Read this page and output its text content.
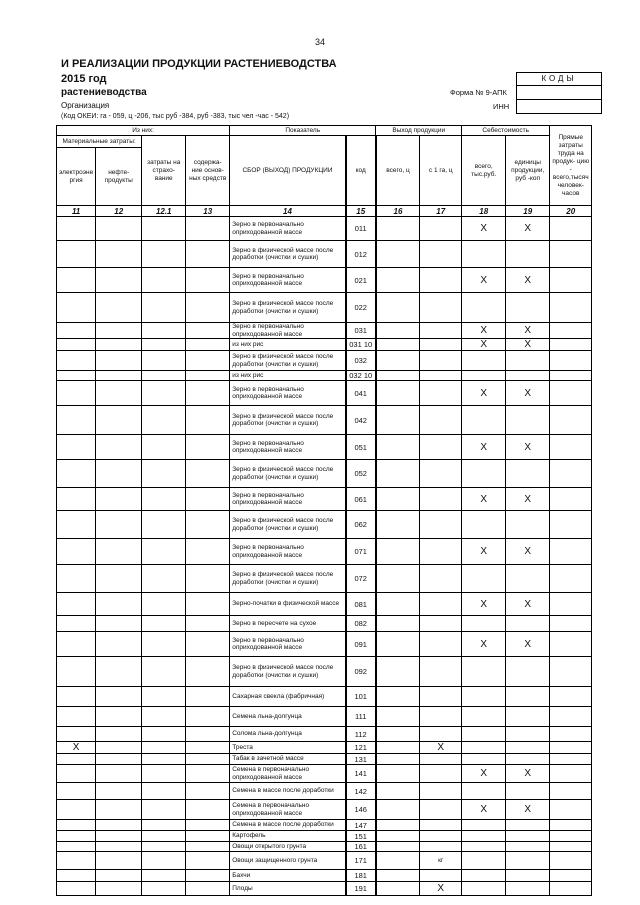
34
И РЕАЛИЗАЦИИ ПРОДУКЦИИ РАСТЕНИЕВОДСТВА
2015 год
растениеводства
Организация
(Код ОКЕИ: га - 059, ц -206, тыс руб -384, руб -383, тыс чел -час - 542)
КОДЫ
Форма № 9-АПК
ИНН
Из них:				Показатель		Выход продукции		Себестоимость		Прямые затраты труда на продук- цию - всего,тысяч человек- часов
Материальные затраты:		затраты на страхо- вание	содержа- ние основ- ных средств	СБОР (ВЫХОД) ПРОДУКЦИИ	код	всего, ц	с 1 га, ц	всего, тыс.руб.	единицы продукции, руб -коп	
электроэне ргия	нефте- продукты									
11	12	12.1	13	14	15	16	17	18	19	20
				Зерно в первоначально оприходованной массе	011			X	X	
				Зерно в физической массе после доработки (очистки и сушки)	012					
				Зерно в первоначально оприходованной массе	021			X	X	
				Зерно в физической массе после доработки (очистки и сушки)	022					
				Зерно в первоначально оприходованной массе	031			X	X	
				из них рис	031 10			X	X	
				Зерно в физической массе после доработки (очистки и сушки)	032					
				из них рис	032 10					
				Зерно в первоначально оприходованной массе	041			X	X	
				Зерно в физической массе после доработки (очистки и сушки)	042					
				Зерно в первоначально оприходованной массе	051			X	X	
				Зерно в физической массе после доработки (очистки и сушки)	052					
				Зерно в первоначально оприходованной массе	061			X	X	
				Зерно в физической массе после доработки (очистки и сушки)	062					
				Зерно в первоначально оприходованной массе	071			X	X	
				Зерно в физической массе после доработки (очистки и сушки)	072					
				Зерно-початки в физической массе	081			X	X	
				Зерно в пересчете на сухое	082					
				Зерно в первоначально оприходованной массе	091			X	X	
				Зерно в физической массе после доработки (очистки и сушки)	092					
				Сахарная свекла (фабричная)	101					
				Семена льна-долгунца	111					
				Солома льна-долгунца	112					
X				Треста	121		X			
				Табак в зачетной массе	131					
				Семена в первоначально оприходованной массе	141			X	X	
				Семена в массе после доработки	142					
				Семена в первоначально оприходованной массе	146			X	X	
				Семена в массе после доработки	147					
				Картофель	151					
				Овощи открытого грунта	161					
				Овощи защищенного грунта	171		кг			
				Бахчи	181					
				Плоды	191		X			
